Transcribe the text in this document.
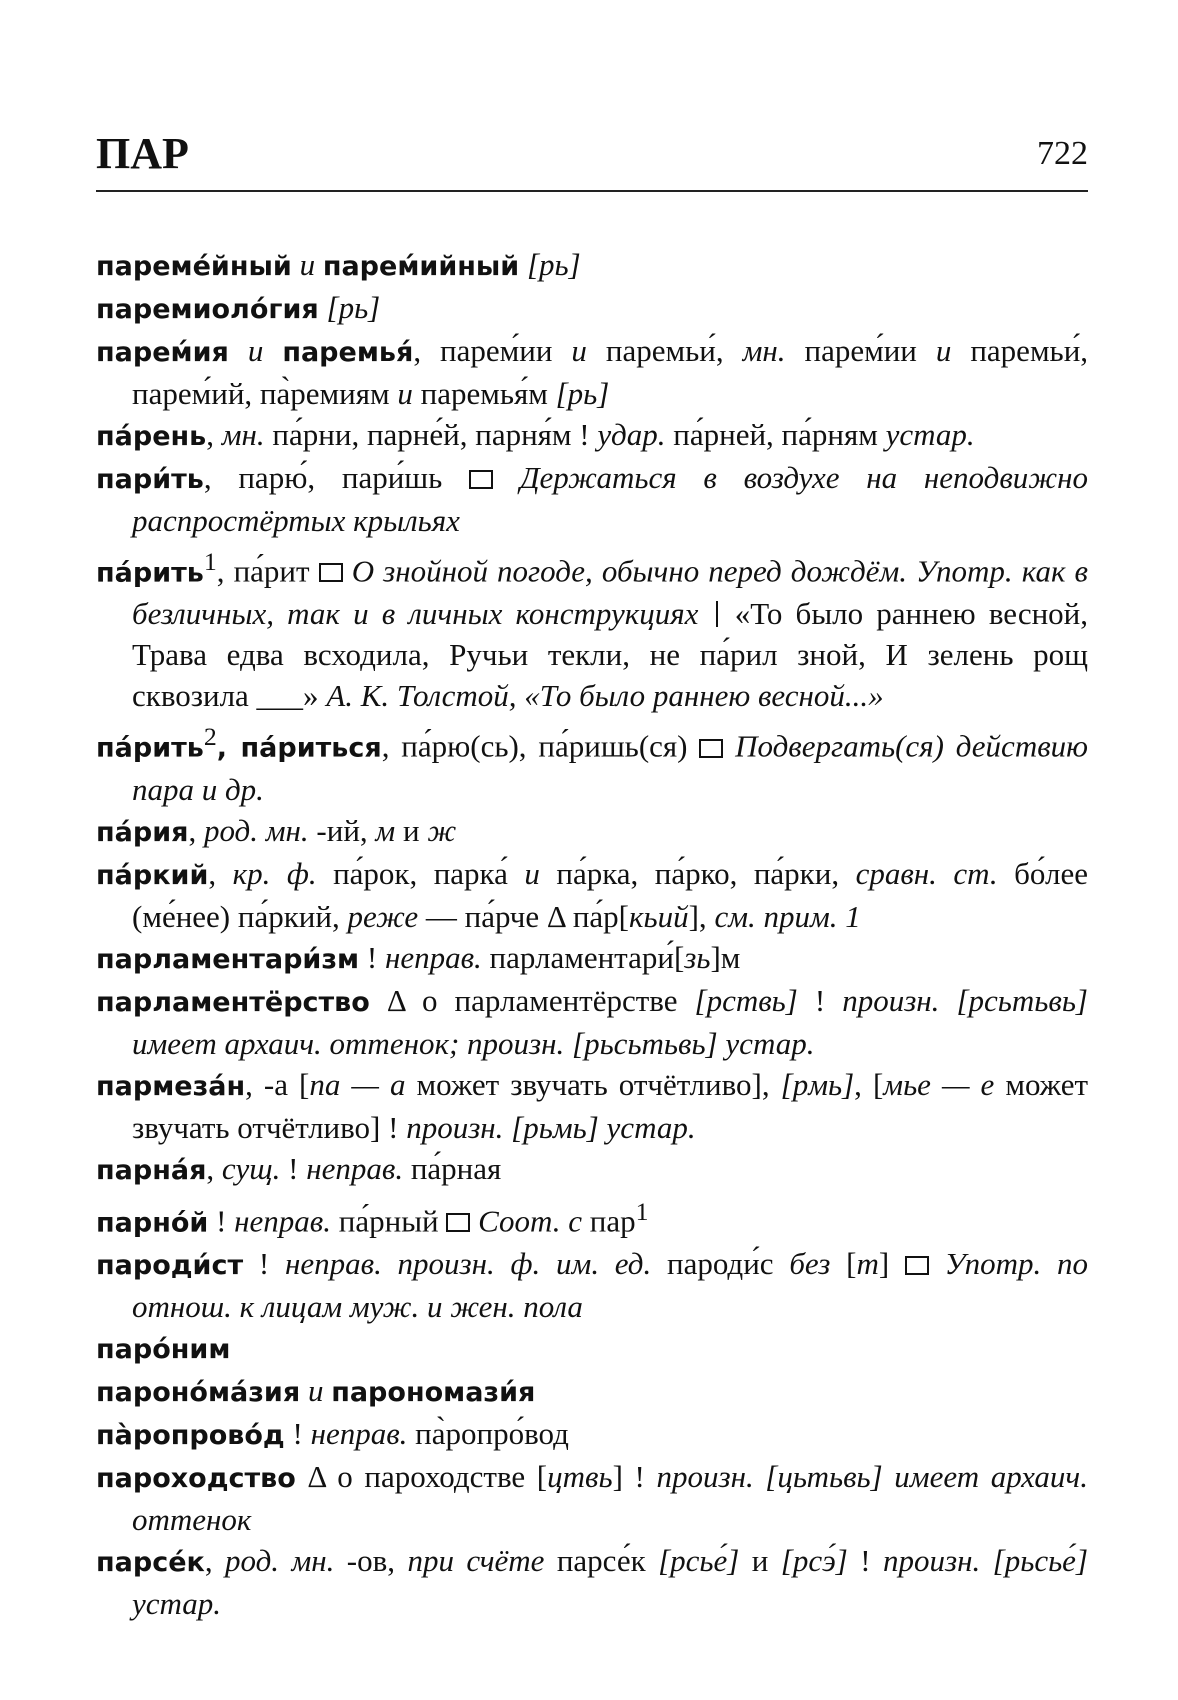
ПАР	722

пареме́йный и парем́ийный [pь]

паремиоло́гия [pь]

парем́ия и паремья́, парем́ии и паремьи́, мн. парем́ии и паремьи́, парем́ий, па̀ремиям и паремья́м [pь]

па́рень, мн. па́рни, парне́й, парня́м ! удар. па́рней, па́рням устар.

пари́ть, парю́, пари́шь  Держаться в воздухе на неподвижно распростёртых крыльях

па́рить$^1$, па́рит  О знойной погоде, обычно перед дождём. Употр. как в безличных, так и в личных конструкциях  «То было раннею весной, Трава едва всходила, Ручьи текли, не па́рил зной, И зелень рощ сквозила ___» А. К. Толстой, «То было раннею весной...»

па́рить$^2$, па́риться, па́рю(сь), па́ришь(ся)  Подвергать(ся) действию пара и др.

па́рия, род. мн. -ий, м и ж

па́ркий, кр. ф. па́рок, парка́ и па́рка, па́рко, па́рки, сравн. ст. бо́лее (ме́нее) па́ркий, реже — па́рче Δ па́р[кьий], см. прим. 1

парламентари́зм ! неправ. парламентари́[зь]м

парламентёрство Δ о парламентёрстве [pcmвь] ! произн. [pсьmьвь] имеет архаич. оттенок; произн. [pьcьmьвь] устар.

пармеза́н, -а [па — а может звучать отчётливо], [pмь], [мье — е может звучать отчётливо] ! произн. [pьмь] устар.

парна́я, сущ. ! неправ. па́рная

парно́й ! неправ. па́рный  Соот. с пар$^1$

пароди́ст ! неправ. произн. ф. им. ед. пароди́с без [т]  Употр. по отнош. к лицам муж. и жен. пола

паро́ним

пароно́ма́зия и парономази́я

па̀ропрово́д ! неправ. па̀ропро́вод

пароходство Δ о пароходстве [цтвь] ! произн. [цьтьвь] имеет архаич. оттенок

парсе́к, род. мн. -ов, при счёте парсе́к [pсье́] и [pсэ́] ! произн. [pьсье́] устар.
